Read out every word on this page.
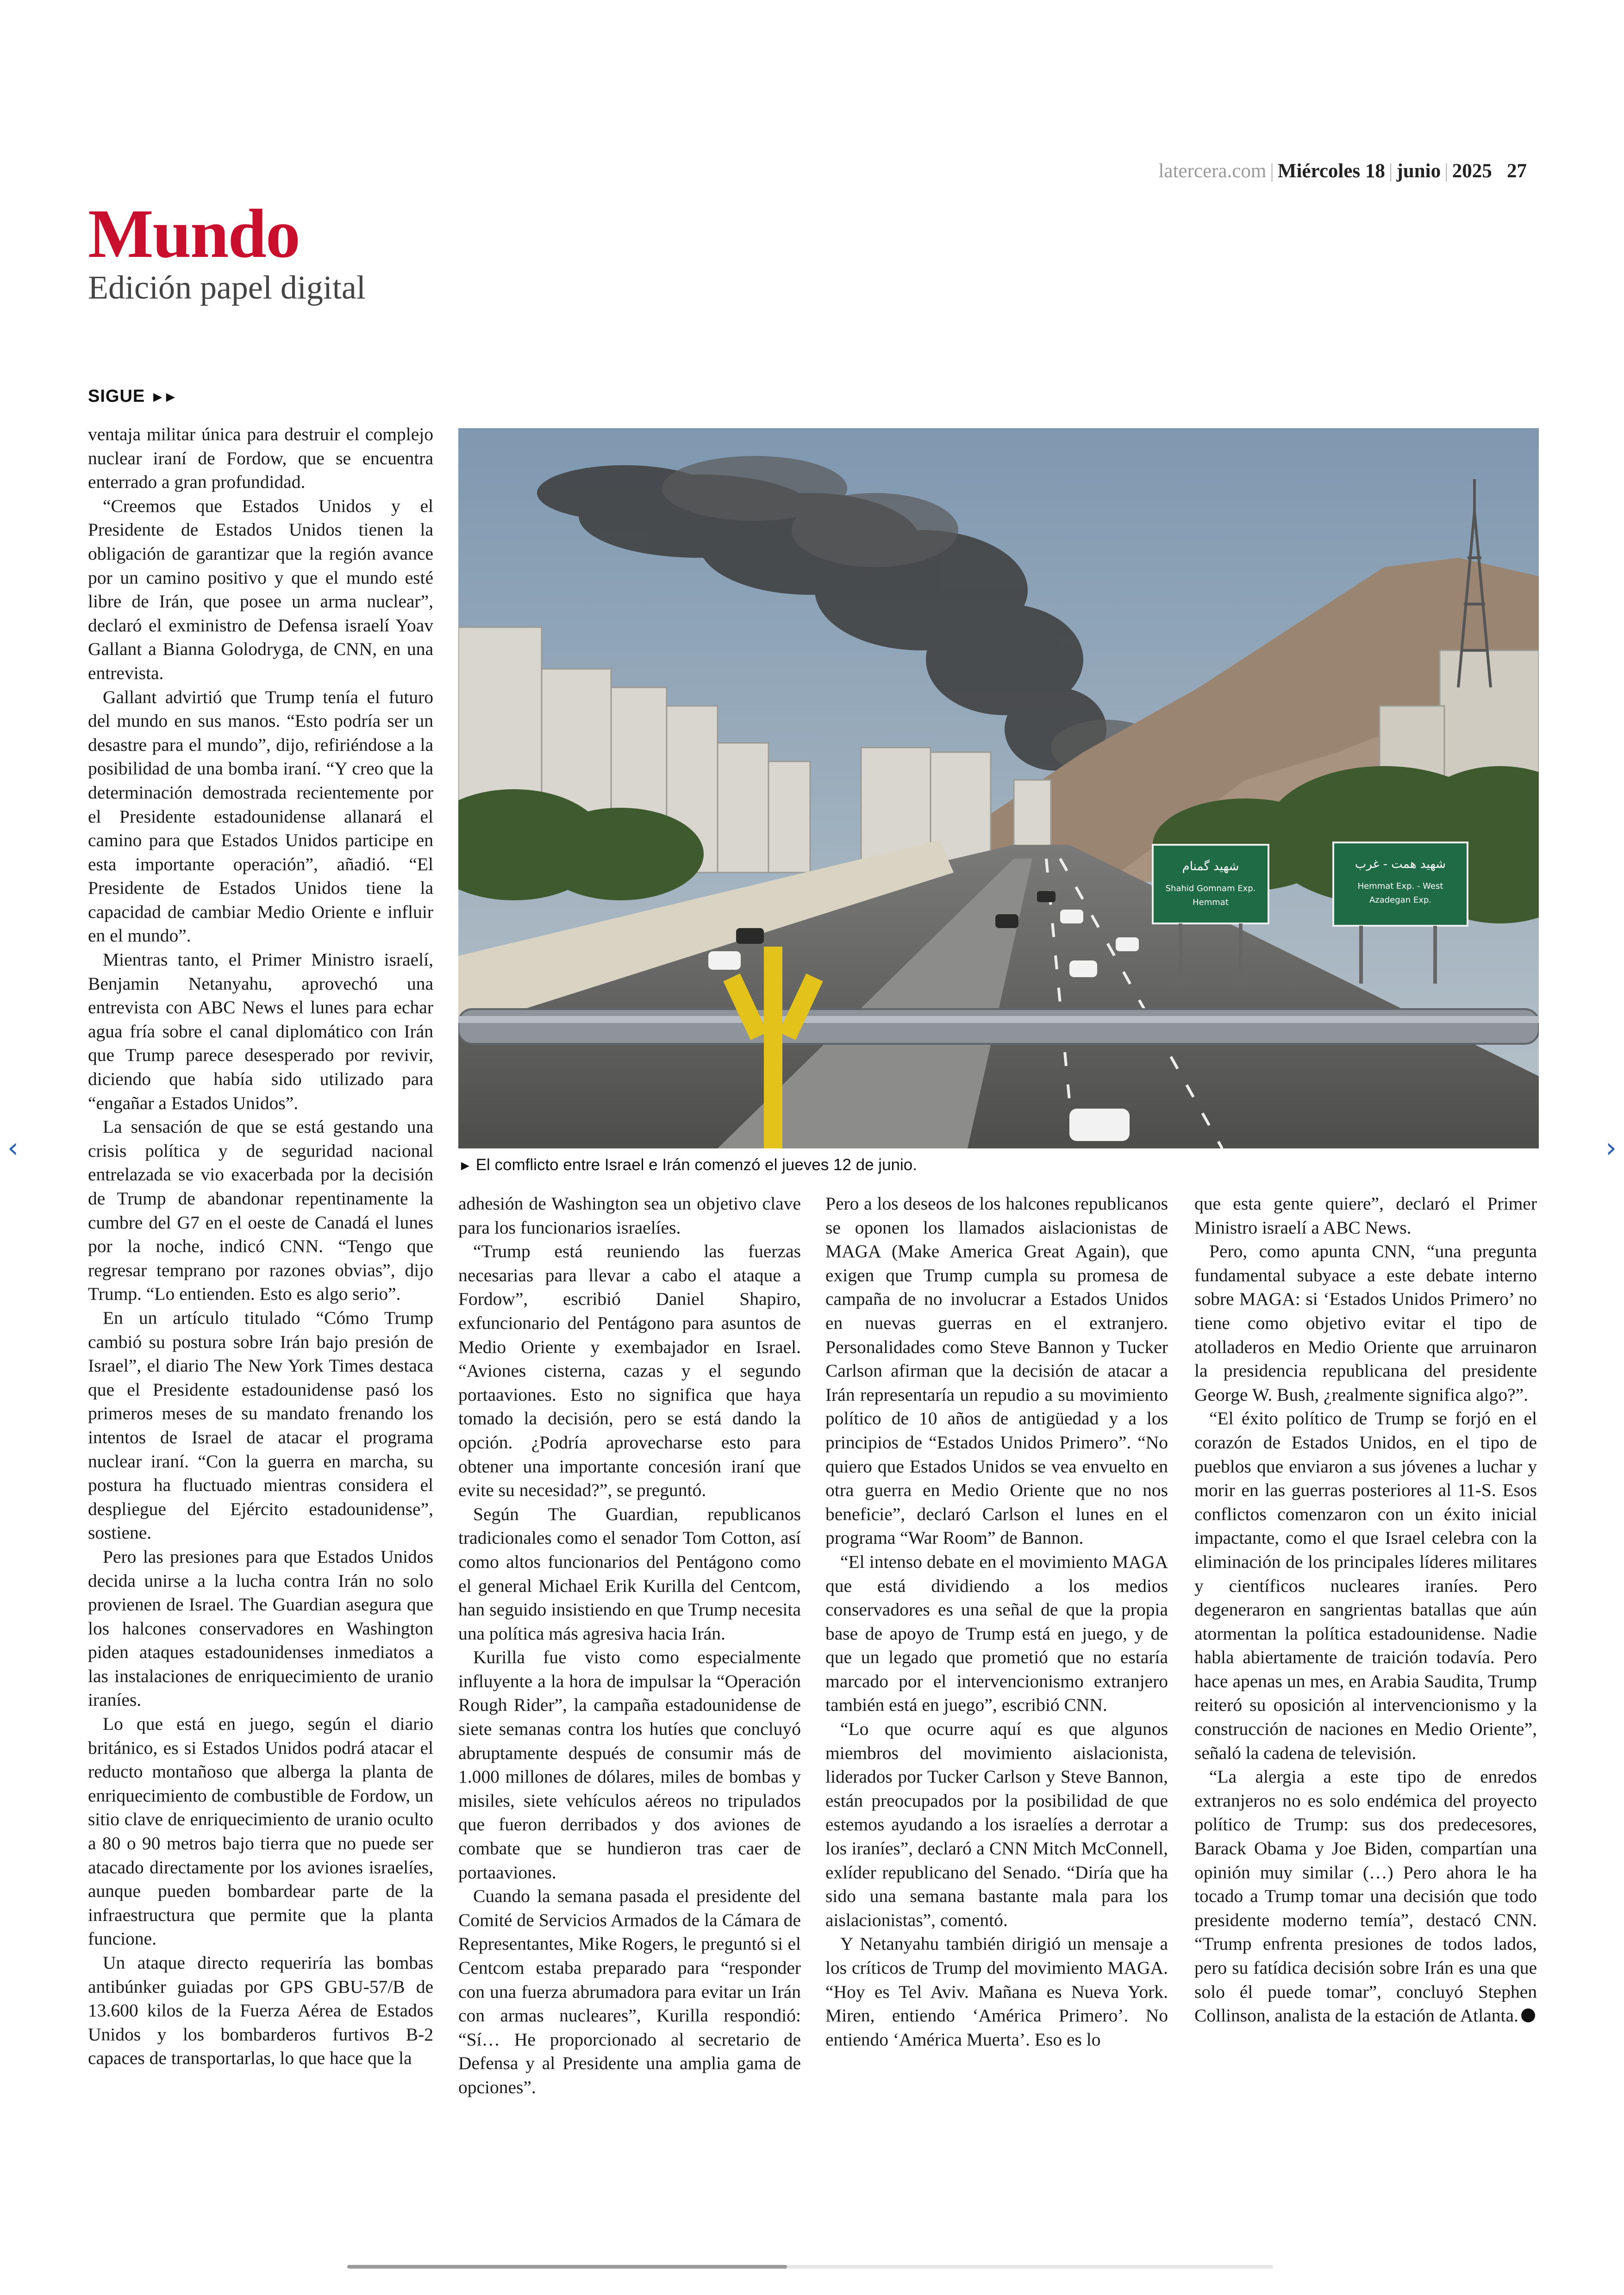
latercera.com | Miércoles 18 | junio | 2025 27
Mundo
Edición papel digital
SIGUE ►►

ventaja militar única para destruir el complejo nuclear iraní de Fordow, que se encuentra enterrado a gran profundidad.

“Creemos que Estados Unidos y el Presidente de Estados Unidos tienen la obligación de garantizar que la región avance por un camino positivo y que el mundo esté libre de Irán, que posee un arma nuclear”, declaró el exministro de Defensa israelí Yoav Gallant a Bianna Golodryga, de CNN, en una entrevista.

Gallant advirtió que Trump tenía el futuro del mundo en sus manos. “Esto podría ser un desastre para el mundo”, dijo, refiriéndose a la posibilidad de una bomba iraní. “Y creo que la determinación demostrada recientemente por el Presidente estadounidense allanará el camino para que Estados Unidos participe en esta importante operación”, añadió. “El Presidente de Estados Unidos tiene la capacidad de cambiar Medio Oriente e influir en el mundo”.

Mientras tanto, el Primer Ministro israelí, Benjamin Netanyahu, aprovechó una entrevista con ABC News el lunes para echar agua fría sobre el canal diplomático con Irán que Trump parece desesperado por revivir, diciendo que había sido utilizado para “engañar a Estados Unidos”.

La sensación de que se está gestando una crisis política y de seguridad nacional entrelazada se vio exacerbada por la decisión de Trump de abandonar repentinamente la cumbre del G7 en el oeste de Canadá el lunes por la noche, indicó CNN. “Tengo que regresar temprano por razones obvias”, dijo Trump. “Lo entienden. Esto es algo serio”.

En un artículo titulado “Cómo Trump cambió su postura sobre Irán bajo presión de Israel”, el diario The New York Times destaca que el Presidente estadounidense pasó los primeros meses de su mandato frenando los intentos de Israel de atacar el programa nuclear iraní. “Con la guerra en marcha, su postura ha fluctuado mientras considera el despliegue del Ejército estadounidense”, sostiene.

Pero las presiones para que Estados Unidos decida unirse a la lucha contra Irán no solo provienen de Israel. The Guardian asegura que los halcones conservadores en Washington piden ataques estadounidenses inmediatos a las instalaciones de enriquecimiento de uranio iraníes.

Lo que está en juego, según el diario británico, es si Estados Unidos podrá atacar el reducto montañoso que alberga la planta de enriquecimiento de combustible de Fordow, un sitio clave de enriquecimiento de uranio oculto a 80 o 90 metros bajo tierra que no puede ser atacado directamente por los aviones israelíes, aunque pueden bombardear parte de la infraestructura que permite que la planta funcione.

Un ataque directo requeriría las bombas antibúnker guiadas por GPS GBU-57/B de 13.600 kilos de la Fuerza Aérea de Estados Unidos y los bombarderos furtivos B-2 capaces de transportarlas, lo que hace que la

شهید گمنام
Shahid Gomnam Exp.
Hemmat
شهید همت - غرب
Hemmat Exp. - West
Azadegan Exp.
► El comflicto entre Israel e Irán comenzó el jueves 12 de junio.

adhesión de Washington sea un objetivo clave para los funcionarios israelíes.

“Trump está reuniendo las fuerzas necesarias para llevar a cabo el ataque a Fordow”, escribió Daniel Shapiro, exfuncionario del Pentágono para asuntos de Medio Oriente y exembajador en Israel. “Aviones cisterna, cazas y el segundo portaaviones. Esto no significa que haya tomado la decisión, pero se está dando la opción. ¿Podría aprovecharse esto para obtener una importante concesión iraní que evite su necesidad?”, se preguntó.

Según The Guardian, republicanos tradicionales como el senador Tom Cotton, así como altos funcionarios del Pentágono como el general Michael Erik Kurilla del Centcom, han seguido insistiendo en que Trump necesita una política más agresiva hacia Irán.

Kurilla fue visto como especialmente influyente a la hora de impulsar la “Operación Rough Rider”, la campaña estadounidense de siete semanas contra los hutíes que concluyó abruptamente después de consumir más de 1.000 millones de dólares, miles de bombas y misiles, siete vehículos aéreos no tripulados que fueron derribados y dos aviones de combate que se hundieron tras caer de portaaviones.

Cuando la semana pasada el presidente del Comité de Servicios Armados de la Cámara de Representantes, Mike Rogers, le preguntó si el Centcom estaba preparado para “responder con una fuerza abrumadora para evitar un Irán con armas nucleares”, Kurilla respondió: “Sí… He proporcionado al secretario de Defensa y al Presidente una amplia gama de opciones”.

Pero a los deseos de los halcones republicanos se oponen los llamados aislacionistas de MAGA (Make America Great Again), que exigen que Trump cumpla su promesa de campaña de no involucrar a Estados Unidos en nuevas guerras en el extranjero. Personalidades como Steve Bannon y Tucker Carlson afirman que la decisión de atacar a Irán representaría un repudio a su movimiento político de 10 años de antigüedad y a los principios de “Estados Unidos Primero”. “No quiero que Estados Unidos se vea envuelto en otra guerra en Medio Oriente que no nos beneficie”, declaró Carlson el lunes en el programa “War Room” de Bannon.

“El intenso debate en el movimiento MAGA que está dividiendo a los medios conservadores es una señal de que la propia base de apoyo de Trump está en juego, y de que un legado que prometió que no estaría marcado por el intervencionismo extranjero también está en juego”, escribió CNN.

“Lo que ocurre aquí es que algunos miembros del movimiento aislacionista, liderados por Tucker Carlson y Steve Bannon, están preocupados por la posibilidad de que estemos ayudando a los israelíes a derrotar a los iraníes”, declaró a CNN Mitch McConnell, exlíder republicano del Senado. “Diría que ha sido una semana bastante mala para los aislacionistas”, comentó.

Y Netanyahu también dirigió un mensaje a los críticos de Trump del movimiento MAGA. “Hoy es Tel Aviv. Mañana es Nueva York. Miren, entiendo ‘América Primero’. No entiendo ‘América Muerta’. Eso es lo

que esta gente quiere”, declaró el Primer Ministro israelí a ABC News.

Pero, como apunta CNN, “una pregunta fundamental subyace a este debate interno sobre MAGA: si ‘Estados Unidos Primero’ no tiene como objetivo evitar el tipo de atolladeros en Medio Oriente que arruinaron la presidencia republicana del presidente George W. Bush, ¿realmente significa algo?”.

“El éxito político de Trump se forjó en el corazón de Estados Unidos, en el tipo de pueblos que enviaron a sus jóvenes a luchar y morir en las guerras posteriores al 11-S. Esos conflictos comenzaron con un éxito inicial impactante, como el que Israel celebra con la eliminación de los principales líderes militares y científicos nucleares iraníes. Pero degeneraron en sangrientas batallas que aún atormentan la política estadounidense. Nadie habla abiertamente de traición todavía. Pero hace apenas un mes, en Arabia Saudita, Trump reiteró su oposición al intervencionismo y la construcción de naciones en Medio Oriente”, señaló la cadena de televisión.

“La alergia a este tipo de enredos extranjeros no es solo endémica del proyecto político de Trump: sus dos predecesores, Barack Obama y Joe Biden, compartían una opinión muy similar (…) Pero ahora le ha tocado a Trump tomar una decisión que todo presidente moderno temía”, destacó CNN. “Trump enfrenta presiones de todos lados, pero su fatídica decisión sobre Irán es una que solo él puede tomar”, concluyó Stephen Collinson, analista de la estación de Atlanta.

‹	›
